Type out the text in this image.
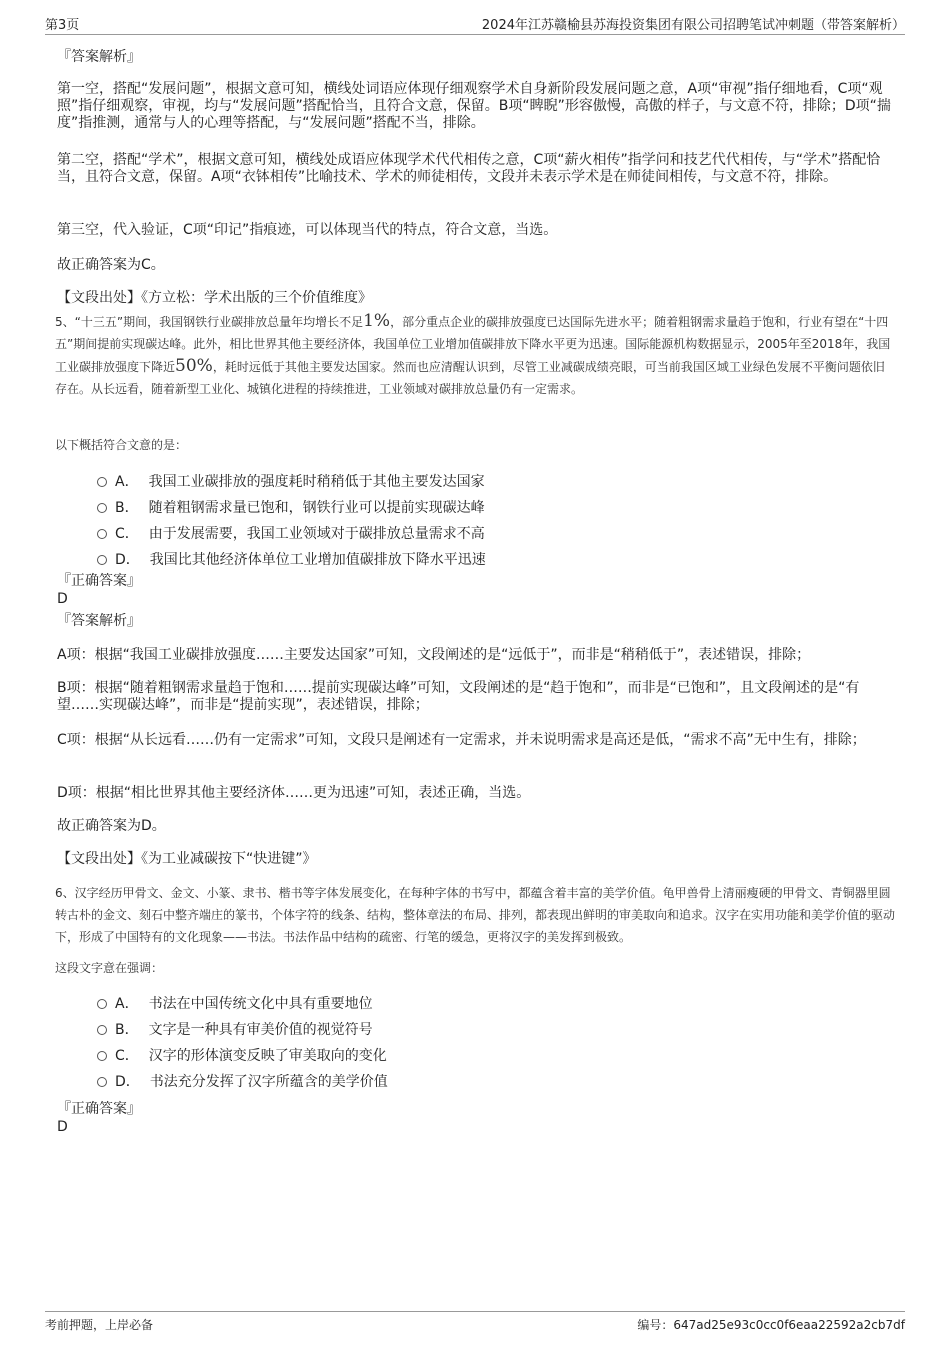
第3页	2024年江苏赣榆县苏海投资集团有限公司招聘笔试冲刺题（带答案解析）
『答案解析』
第一空，搭配“发展问题”，根据文意可知，横线处词语应体现仔细观察学术自身新阶段发展问题之意，A项“审视”指仔细地看，C项“观照”指仔细观察，审视，均与“发展问题”搭配恰当，且符合文意，保留。B项“睥睨”形容傲慢，高傲的样子，与文意不符，排除；D项“揣度”指推测，通常与人的心理等搭配，与“发展问题”搭配不当，排除。
第二空，搭配“学术”，根据文意可知，横线处成语应体现学术代代相传之意，C项“薪火相传”指学问和技艺代代相传，与“学术”搭配恰当，且符合文意，保留。A项“衣钵相传”比喻技术、学术的师徒相传，文段并未表示学术是在师徒间相传，与文意不符，排除。
第三空，代入验证，C项“印记”指痕迹，可以体现当代的特点，符合文意，当选。
故正确答案为C。
【文段出处】《方立松：学术出版的三个价值维度》
5、“十三五”期间，我国钢铁行业碳排放总量年均增长不足1%，部分重点企业的碳排放强度已达国际先进水平；随着粗钢需求量趋于饱和，行业有望在“十四五”期间提前实现碳达峰。此外，相比世界其他主要经济体，我国单位工业增加值碳排放下降水平更为迅速。国际能源机构数据显示，2005年至2018年，我国工业碳排放强度下降近50%，耗时远低于其他主要发达国家。然而也应清醒认识到，尽管工业减碳成绩亮眼，可当前我国区域工业绿色发展不平衡问题依旧存在。从长远看，随着新型工业化、城镇化进程的持续推进，工业领域对碳排放总量仍有一定需求。
以下概括符合文意的是：
A． 我国工业碳排放的强度耗时稍稍低于其他主要发达国家
B． 随着粗钢需求量已饱和，钢铁行业可以提前实现碳达峰
C． 由于发展需要，我国工业领域对于碳排放总量需求不高
D． 我国比其他经济体单位工业增加值碳排放下降水平迅速
『正确答案』
D
『答案解析』
A项：根据“我国工业碳排放强度……主要发达国家”可知，文段阐述的是“远低于”，而非是“稍稍低于”，表述错误，排除；
B项：根据“随着粗钢需求量趋于饱和……提前实现碳达峰”可知，文段阐述的是“趋于饱和”，而非是“已饱和”，且文段阐述的是“有望……实现碳达峰”，而非是“提前实现”，表述错误，排除；
C项：根据“从长远看……仍有一定需求”可知，文段只是阐述有一定需求，并未说明需求是高还是低，“需求不高”无中生有，排除；
D项：根据“相比世界其他主要经济体……更为迅速”可知，表述正确，当选。
故正确答案为D。
【文段出处】《为工业减碳按下“快进键”》
6、汉字经历甲骨文、金文、小篆、隶书、楷书等字体发展变化，在每种字体的书写中，都蕴含着丰富的美学价值。龟甲兽骨上清丽瘦硬的甲骨文、青铜器里圆转古朴的金文、刻石中整齐端庄的篆书，个体字符的线条、结构，整体章法的布局、排列，都表现出鲜明的审美取向和追求。汉字在实用功能和美学价值的驱动下，形成了中国特有的文化现象——书法。书法作品中结构的疏密、行笔的缓急，更将汉字的美发挥到极致。
这段文字意在强调：
A． 书法在中国传统文化中具有重要地位
B． 文字是一种具有审美价值的视觉符号
C． 汉字的形体演变反映了审美取向的变化
D． 书法充分发挥了汉字所蕴含的美学价值
『正确答案』
D
考前押题，上岸必备	编号：647ad25e93c0cc0f6eaa22592a2cb7df
